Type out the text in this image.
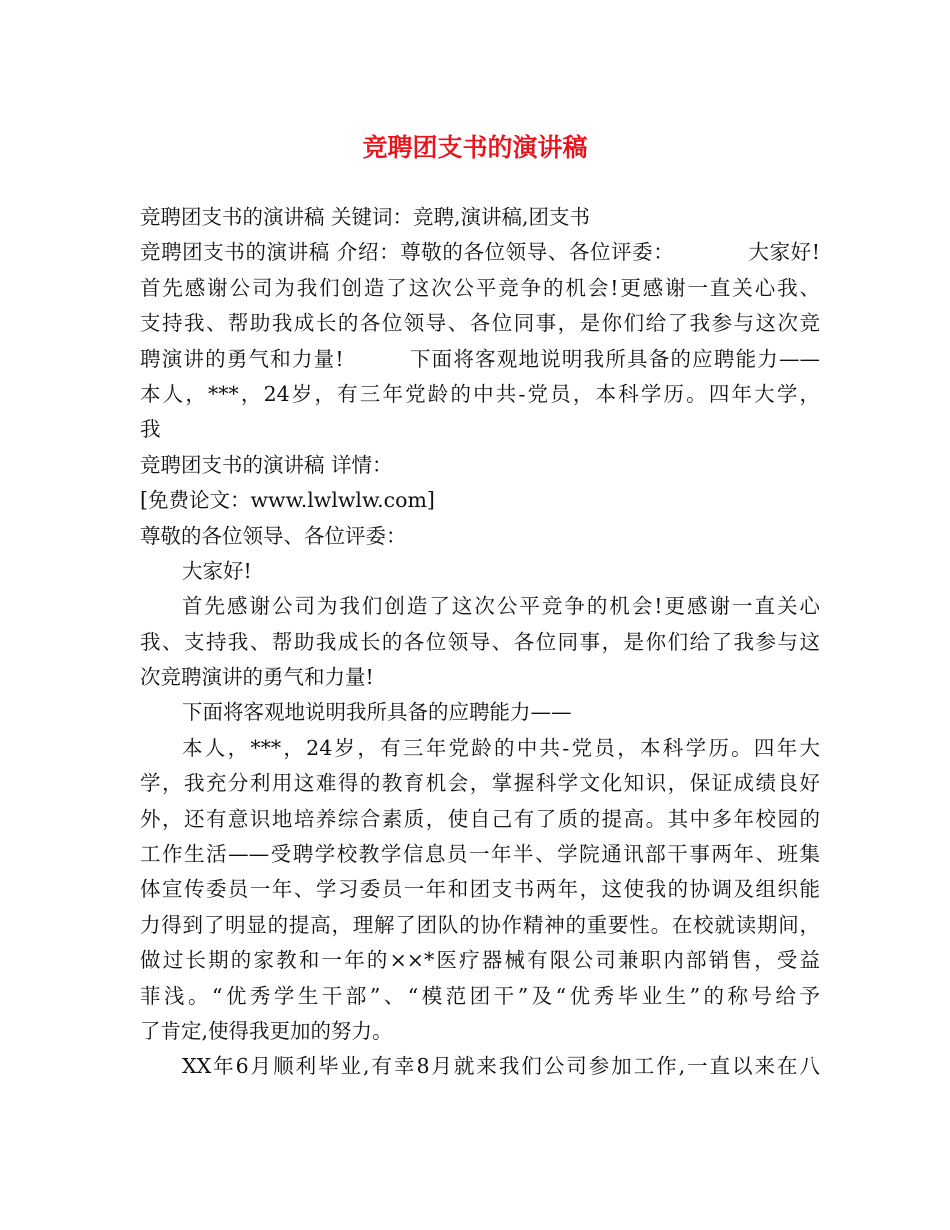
竞聘团支书的演讲稿
竞聘团支书的演讲稿 关键词：竞聘,演讲稿,团支书
竞聘团支书的演讲稿 介绍：尊敬的各位领导、各位评委：　　　　大家好!
首先感谢公司为我们创造了这次公平竞争的机会!更感谢一直关心我、
支持我、帮助我成长的各位领导、各位同事，是你们给了我参与这次竞
聘演讲的勇气和力量!　　　下面将客观地说明我所具备的应聘能力——
本人，***，24岁，有三年党龄的中共-党员，本科学历。四年大学，
我
竞聘团支书的演讲稿 详情：
[免费论文：www.lwlwlw.com]
尊敬的各位领导、各位评委：
大家好!
首先感谢公司为我们创造了这次公平竞争的机会!更感谢一直关心
我、支持我、帮助我成长的各位领导、各位同事，是你们给了我参与这
次竞聘演讲的勇气和力量!
下面将客观地说明我所具备的应聘能力——
本人，***，24岁，有三年党龄的中共-党员，本科学历。四年大
学，我充分利用这难得的教育机会，掌握科学文化知识，保证成绩良好
外，还有意识地培养综合素质，使自己有了质的提高。其中多年校园的
工作生活——受聘学校教学信息员一年半、学院通讯部干事两年、班集
体宣传委员一年、学习委员一年和团支书两年，这使我的协调及组织能
力得到了明显的提高，理解了团队的协作精神的重要性。在校就读期间，
做过长期的家教和一年的××*医疗器械有限公司兼职内部销售，受益
菲浅。“优秀学生干部”、“模范团干”及“优秀毕业生”的称号给予
了肯定,使得我更加的努力。
XX年6月顺利毕业,有幸8月就来我们公司参加工作,一直以来在八
